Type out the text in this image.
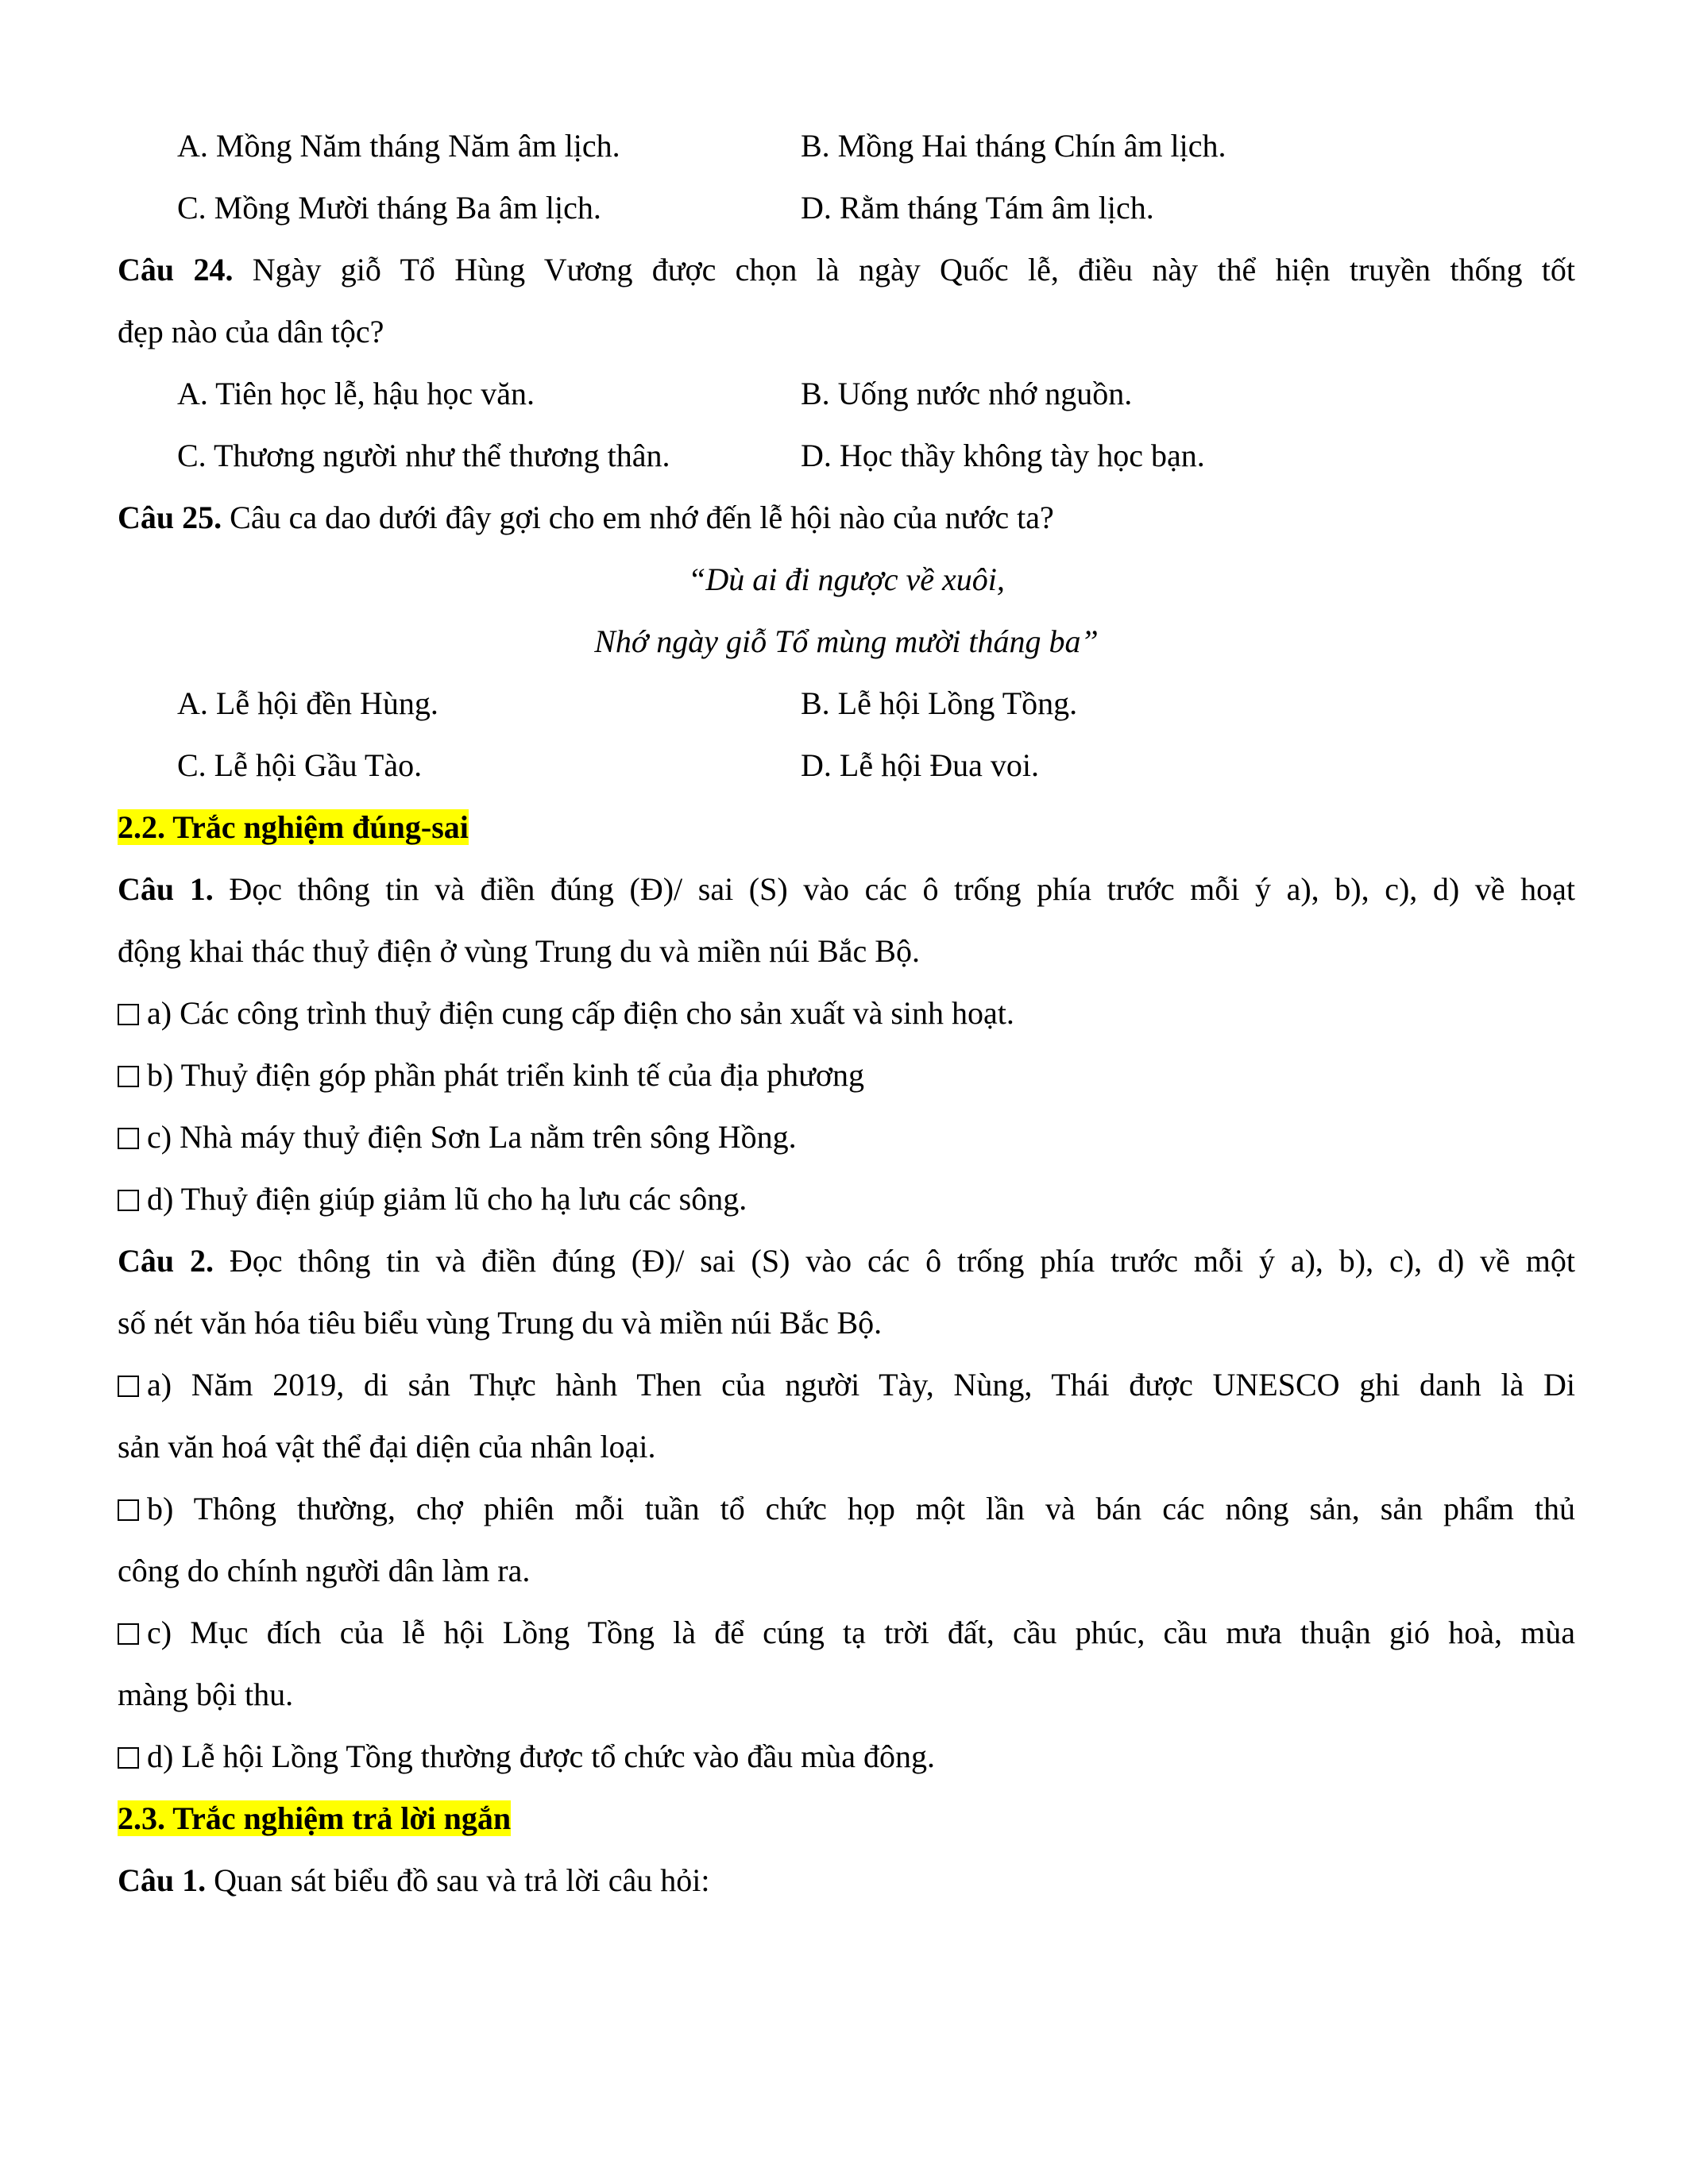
A. Mồng Năm tháng Năm âm lịch.	B. Mồng Hai tháng Chín âm lịch.
C. Mồng Mười tháng Ba âm lịch.	D. Rằm tháng Tám âm lịch.
Câu 24. Ngày giỗ Tổ Hùng Vương được chọn là ngày Quốc lễ, điều này thể hiện truyền thống tốt
đẹp nào của dân tộc?
A. Tiên học lễ, hậu học văn.	B. Uống nước nhớ nguồn.
C. Thương người như thể thương thân.	D. Học thầy không tày học bạn.
Câu 25. Câu ca dao dưới đây gợi cho em nhớ đến lễ hội nào của nước ta?
“Dù ai đi ngược về xuôi,
Nhớ ngày giỗ Tổ mùng mười tháng ba”
A. Lễ hội đền Hùng.	B. Lễ hội Lồng Tồng.
C. Lễ hội Gầu Tào.	D. Lễ hội Đua voi.
2.2. Trắc nghiệm đúng-sai
Câu 1. Đọc thông tin và điền đúng (Đ)/ sai (S) vào các ô trống phía trước mỗi ý a), b), c), d) về hoạt
động khai thác thuỷ điện ở vùng Trung du và miền núi Bắc Bộ.
a) Các công trình thuỷ điện cung cấp điện cho sản xuất và sinh hoạt.
b) Thuỷ điện góp phần phát triển kinh tế của địa phương
c) Nhà máy thuỷ điện Sơn La nằm trên sông Hồng.
d) Thuỷ điện giúp giảm lũ cho hạ lưu các sông.
Câu 2. Đọc thông tin và điền đúng (Đ)/ sai (S) vào các ô trống phía trước mỗi ý a), b), c), d) về một
số nét văn hóa tiêu biểu vùng Trung du và miền núi Bắc Bộ.
a) Năm 2019, di sản Thực hành Then của người Tày, Nùng, Thái được UNESCO ghi danh là Di
sản văn hoá vật thể đại diện của nhân loại.
b) Thông thường, chợ phiên mỗi tuần tổ chức họp một lần và bán các nông sản, sản phẩm thủ
công do chính người dân làm ra.
c) Mục đích của lễ hội Lồng Tồng là để cúng tạ trời đất, cầu phúc, cầu mưa thuận gió hoà, mùa
màng bội thu.
d) Lễ hội Lồng Tồng thường được tổ chức vào đầu mùa đông.
2.3. Trắc nghiệm trả lời ngắn
Câu 1. Quan sát biểu đồ sau và trả lời câu hỏi:
